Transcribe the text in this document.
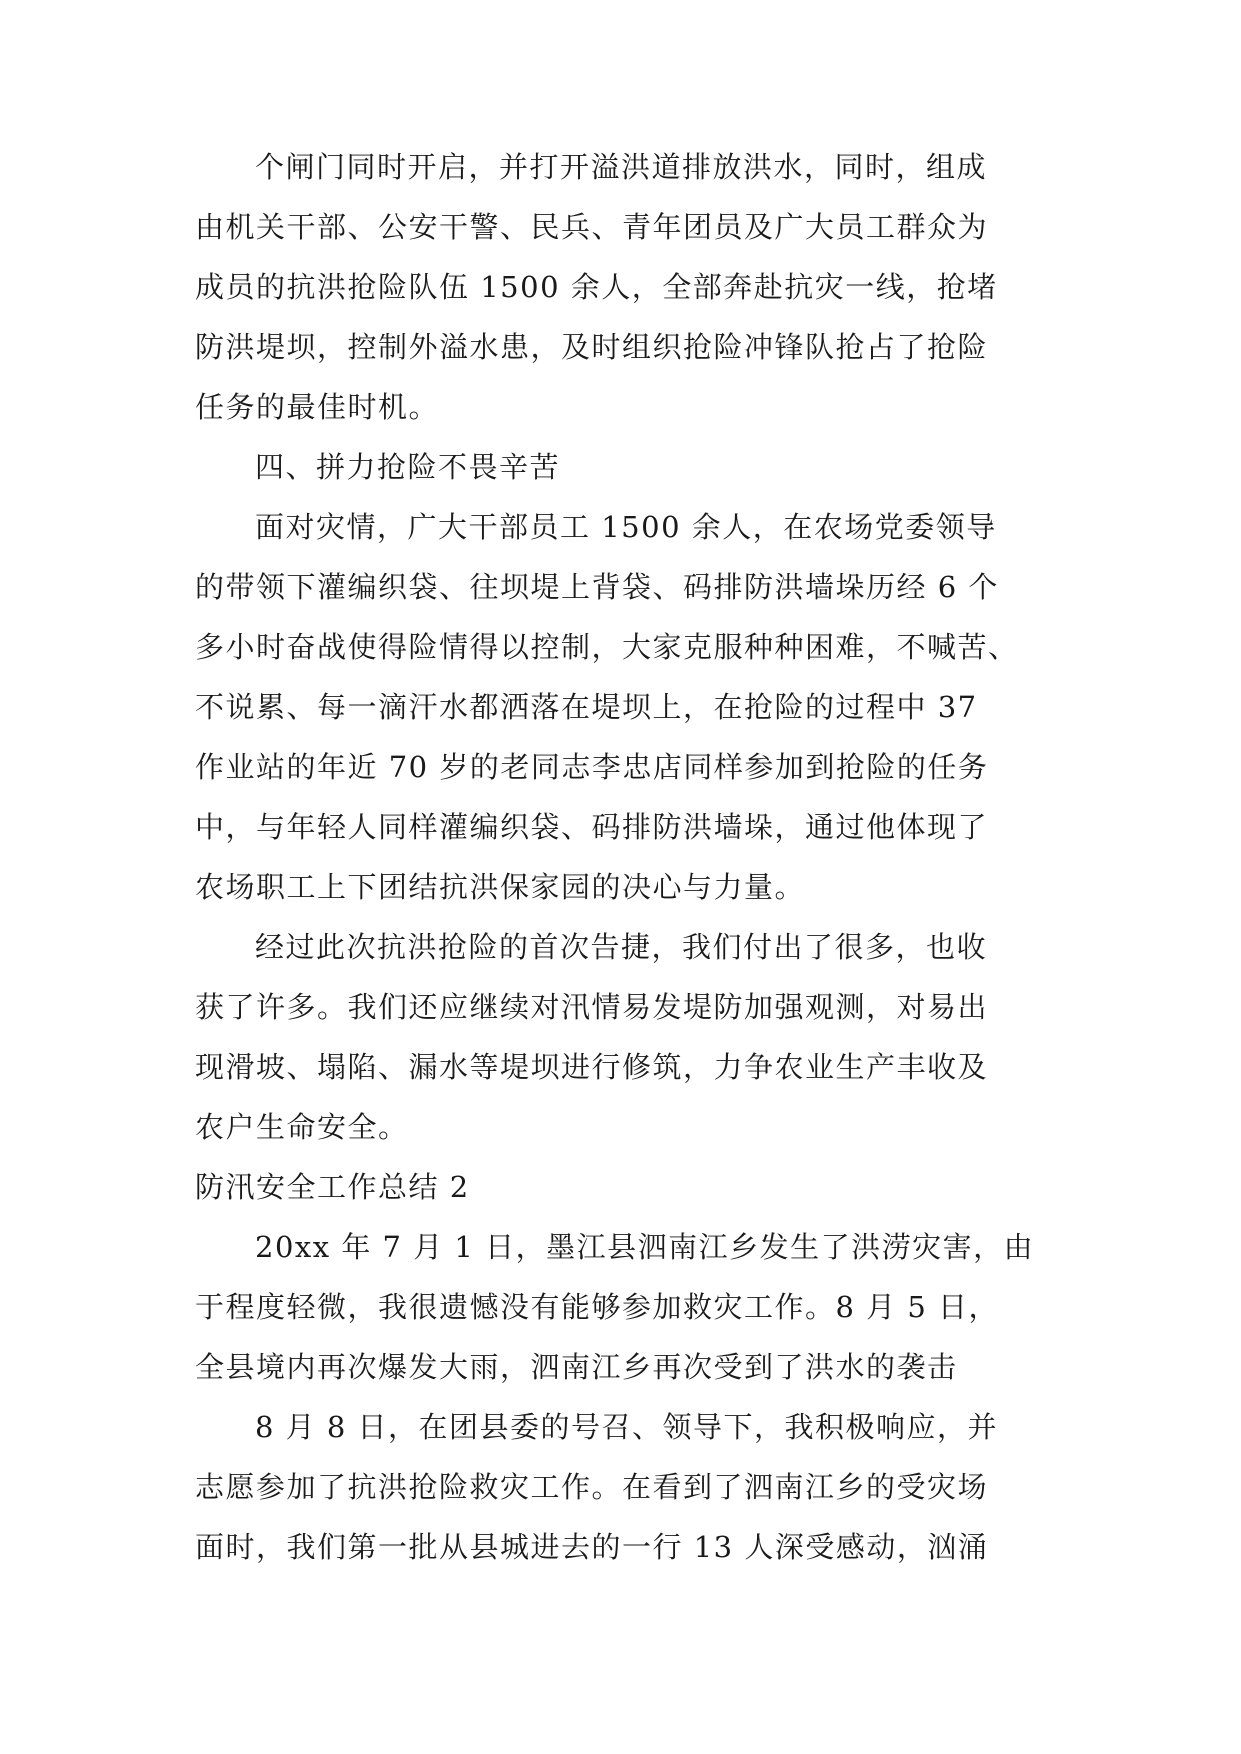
个闸门同时开启，并打开溢洪道排放洪水，同时，组成
由机关干部、公安干警、民兵、青年团员及广大员工群众为
成员的抗洪抢险队伍 1500 余人，全部奔赴抗灾一线，抢堵
防洪堤坝，控制外溢水患，及时组织抢险冲锋队抢占了抢险
任务的最佳时机。
四、拼力抢险不畏辛苦
面对灾情，广大干部员工 1500 余人，在农场党委领导
的带领下灌编织袋、往坝堤上背袋、码排防洪墙垛历经 6 个
多小时奋战使得险情得以控制，大家克服种种困难，不喊苦、
不说累、每一滴汗水都洒落在堤坝上，在抢险的过程中 37
作业站的年近 70 岁的老同志李忠店同样参加到抢险的任务
中，与年轻人同样灌编织袋、码排防洪墙垛，通过他体现了
农场职工上下团结抗洪保家园的决心与力量。
经过此次抗洪抢险的首次告捷，我们付出了很多，也收
获了许多。我们还应继续对汛情易发堤防加强观测，对易出
现滑坡、塌陷、漏水等堤坝进行修筑，力争农业生产丰收及
农户生命安全。
防汛安全工作总结 2
20xx 年 7 月 1 日，墨江县泗南江乡发生了洪涝灾害，由
于程度轻微，我很遗憾没有能够参加救灾工作。8 月 5 日，
全县境内再次爆发大雨，泗南江乡再次受到了洪水的袭击
8 月 8 日，在团县委的号召、领导下，我积极响应，并
志愿参加了抗洪抢险救灾工作。在看到了泗南江乡的受灾场
面时，我们第一批从县城进去的一行 13 人深受感动，汹涌
